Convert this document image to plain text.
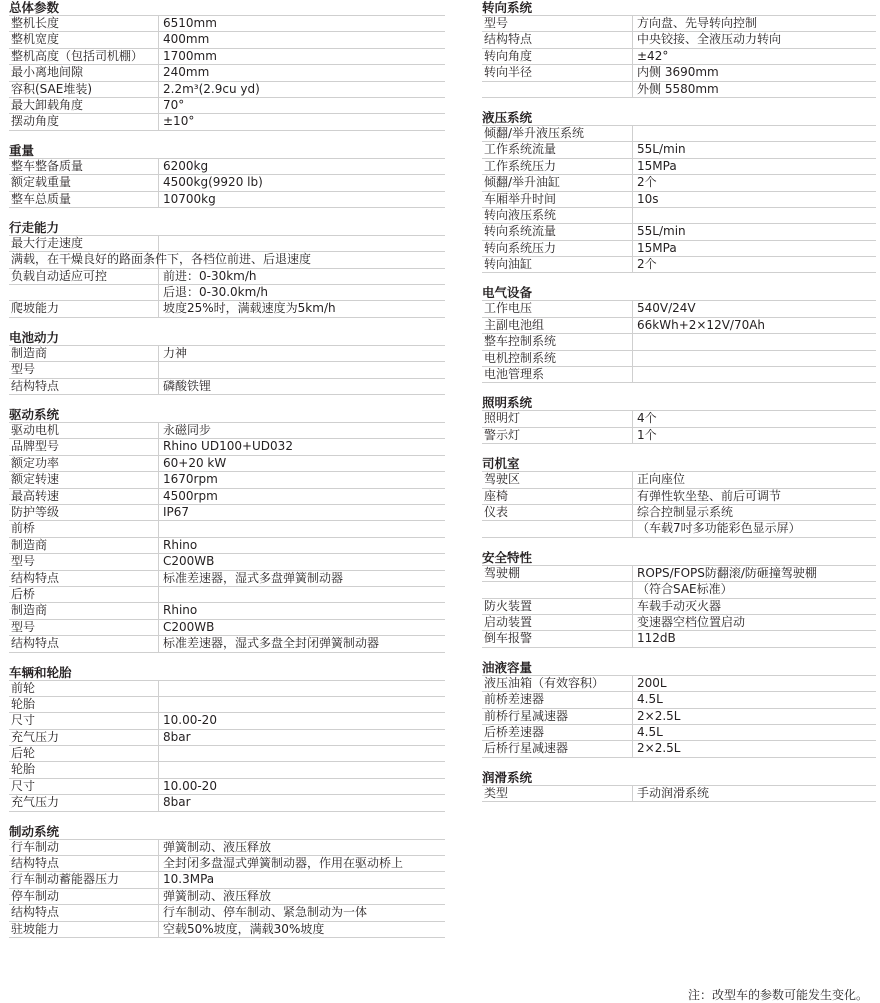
总体参数
整机长度	6510mm
整机宽度	400mm
整机高度（包括司机棚） 1700mm
最小离地间隙	240mm
容积(SAE堆装)	2.2m³(2.9cu yd)
最大卸载角度	70°
摆动角度	±10°
重量
整车整备质量	6200kg
额定载重量	4500kg(9920 lb)
整车总质量	10700kg
行走能力
最大行走速度
满载，在干燥良好的路面条件下，各档位前进、后退速度
负载自动适应可控	前进：0-30km/h
后退：0-30.0km/h
爬坡能力	坡度25%时，满载速度为5km/h
电池动力
制造商	力神
型号
结构特点	磷酸铁锂
驱动系统
驱动电机	永磁同步
品牌型号	Rhino UD100+UD032
额定功率	60+20 kW
额定转速	1670rpm
最高转速	4500rpm
防护等级	IP67
前桥
制造商	Rhino
型号	C200WB
结构特点	标准差速器，湿式多盘弹簧制动器
后桥
制造商	Rhino
型号	C200WB
结构特点	标准差速器，湿式多盘全封闭弹簧制动器
车辆和轮胎
前轮
轮胎
尺寸	10.00-20
充气压力	8bar
后轮
轮胎
尺寸	10.00-20
充气压力	8bar
制动系统
行车制动	弹簧制动、液压释放
结构特点	全封闭多盘湿式弹簧制动器，作用在驱动桥上
行车制动蓄能器压力	10.3MPa
停车制动	弹簧制动、液压释放
结构特点	行车制动、停车制动、紧急制动为一体
驻坡能力	空载50%坡度，满载30%坡度
转向系统
型号	方向盘、先导转向控制
结构特点	中央铰接、全液压动力转向
转向角度	±42°
转向半径	内侧 3690mm
外侧 5580mm
液压系统
倾翻/举升液压系统
工作系统流量	55L/min
工作系统压力	15MPa
倾翻/举升油缸	2个
车厢举升时间	10s
转向液压系统
转向系统流量	55L/min
转向系统压力	15MPa
转向油缸	2个
电气设备
工作电压	540V/24V
主副电池组	66kWh+2×12V/70Ah
整车控制系统
电机控制系统
电池管理系
照明系统
照明灯	4个
警示灯	1个
司机室
驾驶区	正向座位
座椅	有弹性软坐垫、前后可调节
仪表	综合控制显示系统
（车载7吋多功能彩色显示屏）
安全特性
驾驶棚	ROPS/FOPS防翻滚/防砸撞驾驶棚
（符合SAE标准）
防火装置	车载手动灭火器
启动装置	变速器空档位置启动
倒车报警	112dB
油液容量
液压油箱（有效容积）	200L
前桥差速器	4.5L
前桥行星减速器	2×2.5L
后桥差速器	4.5L
后桥行星减速器	2×2.5L
润滑系统
类型	手动润滑系统
注：改型车的参数可能发生变化。
